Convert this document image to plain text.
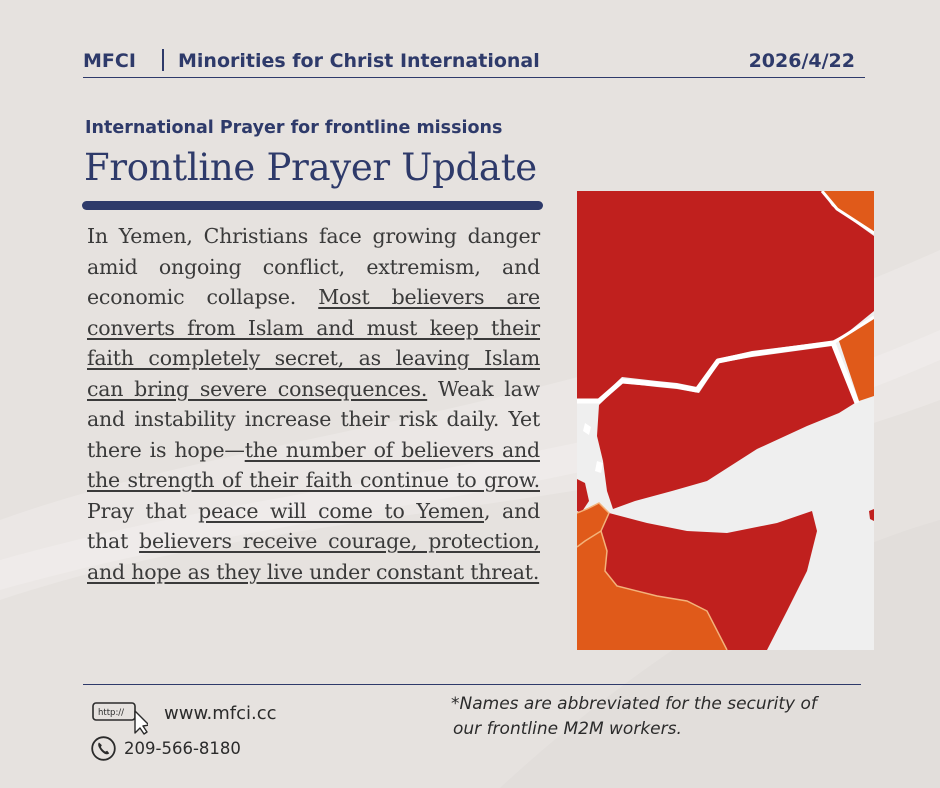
MFCI Minorities for Christ International	2026/4/22
International Prayer for frontline missions
Frontline Prayer Update
In Yemen, Christians face growing danger amid ongoing conflict, extremism, and economic collapse. Most believers are converts from Islam and must keep their faith completely secret, as leaving Islam can bring severe consequences. Weak law and instability increase their risk daily. Yet there is hope—the number of believers and the strength of their faith continue to grow. Pray that peace will come to Yemen, and that believers receive courage, protection, and hope as they live under constant threat.
http:// www.mfci.cc
209-566-8180
*Names are abbreviated for the security of
our frontline M2M workers.
